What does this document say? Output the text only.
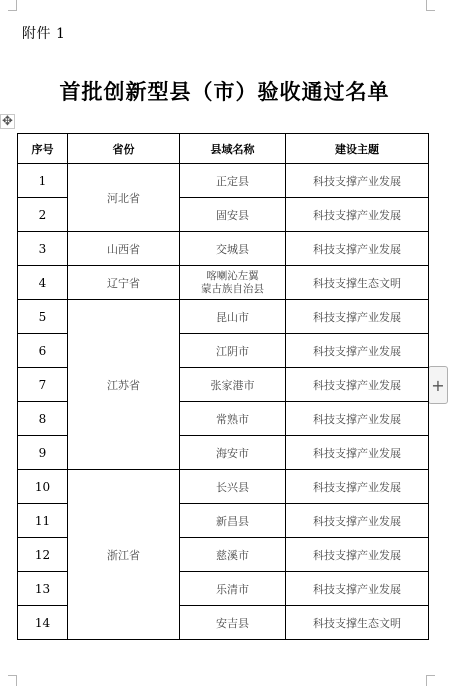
附件 1
首批创新型县（市）验收通过名单
✥
+
序号	省份	县域名称	建设主题
1	河北省	正定县	科技支撑产业发展
2		固安县	科技支撑产业发展
3	山西省	交城县	科技支撑产业发展
4	辽宁省	喀喇沁左翼
蒙古族自治县	科技支撑生态文明
5	江苏省	昆山市	科技支撑产业发展
6		江阴市	科技支撑产业发展
7		张家港市	科技支撑产业发展
8		常熟市	科技支撑产业发展
9		海安市	科技支撑产业发展
10	浙江省	长兴县	科技支撑产业发展
11		新昌县	科技支撑产业发展
12		慈溪市	科技支撑产业发展
13		乐清市	科技支撑产业发展
14		安吉县	科技支撑生态文明
